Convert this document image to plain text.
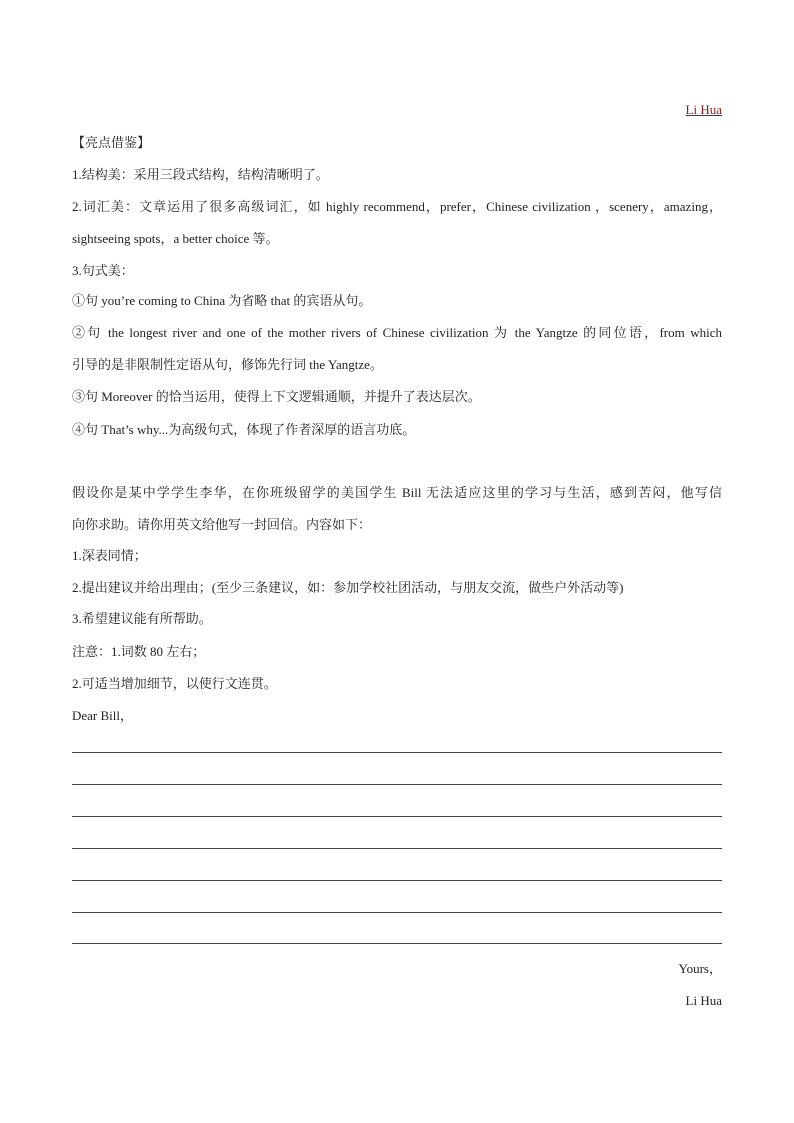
Li Hua
【亮点借鉴】
1.结构美：采用三段式结构，结构清晰明了。
2.词汇美：文章运用了很多高级词汇，如 highly recommend，prefer，Chinese civilization ，scenery，amazing，
sightseeing spots，a better choice 等。
3.句式美：
①句 you’re coming to China 为省略 that 的宾语从句。
②句 the longest river and one of the mother rivers of Chinese civilization 为 the Yangtze 的同位语，from which
引导的是非限制性定语从句，修饰先行词 the Yangtze。
③句 Moreover 的恰当运用，使得上下文逻辑通顺，并提升了表达层次。
④句 That’s why...为高级句式，体现了作者深厚的语言功底。
假设你是某中学学生李华，在你班级留学的美国学生 Bill 无法适应这里的学习与生活，感到苦闷，他写信
向你求助。请你用英文给他写一封回信。内容如下：
1.深表同情；
2.提出建议并给出理由；(至少三条建议，如：参加学校社团活动，与朋友交流，做些户外活动等)
3.希望建议能有所帮助。
注意：1.词数 80 左右；
2.可适当增加细节，以使行文连贯。
Dear Bill，
Yours，
Li Hua
